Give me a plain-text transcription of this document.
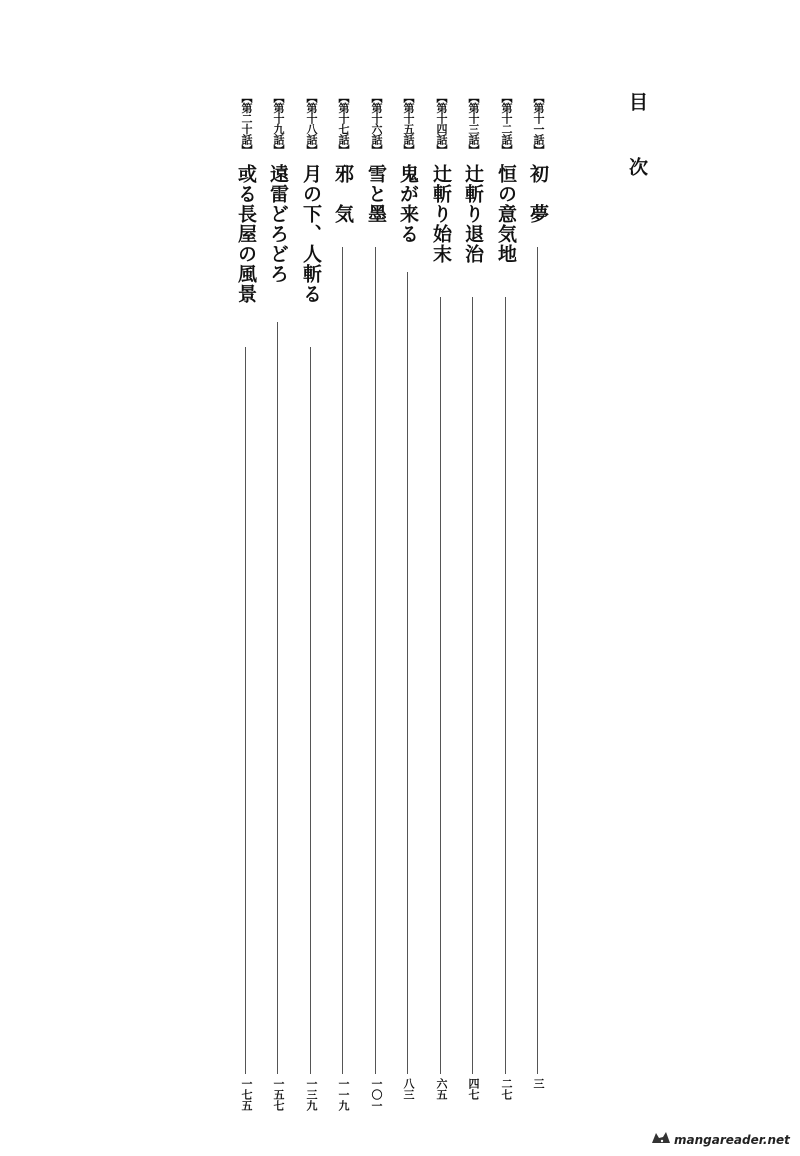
目 次
【第十一話】
初　夢
三
【第十二話】
恒の意気地
二七
【第十三話】
辻斬り退治
四七
【第十四話】
辻斬り始末
六五
【第十五話】
鬼が来る
八三
【第十六話】
雪と墨
一〇一
【第十七話】
邪　気
一一九
【第十八話】
月の下、人斬る
一三九
【第十九話】
遠雷どろどろ
一五七
【第二十話】
或る長屋の風景
一七五
mangareader.net
